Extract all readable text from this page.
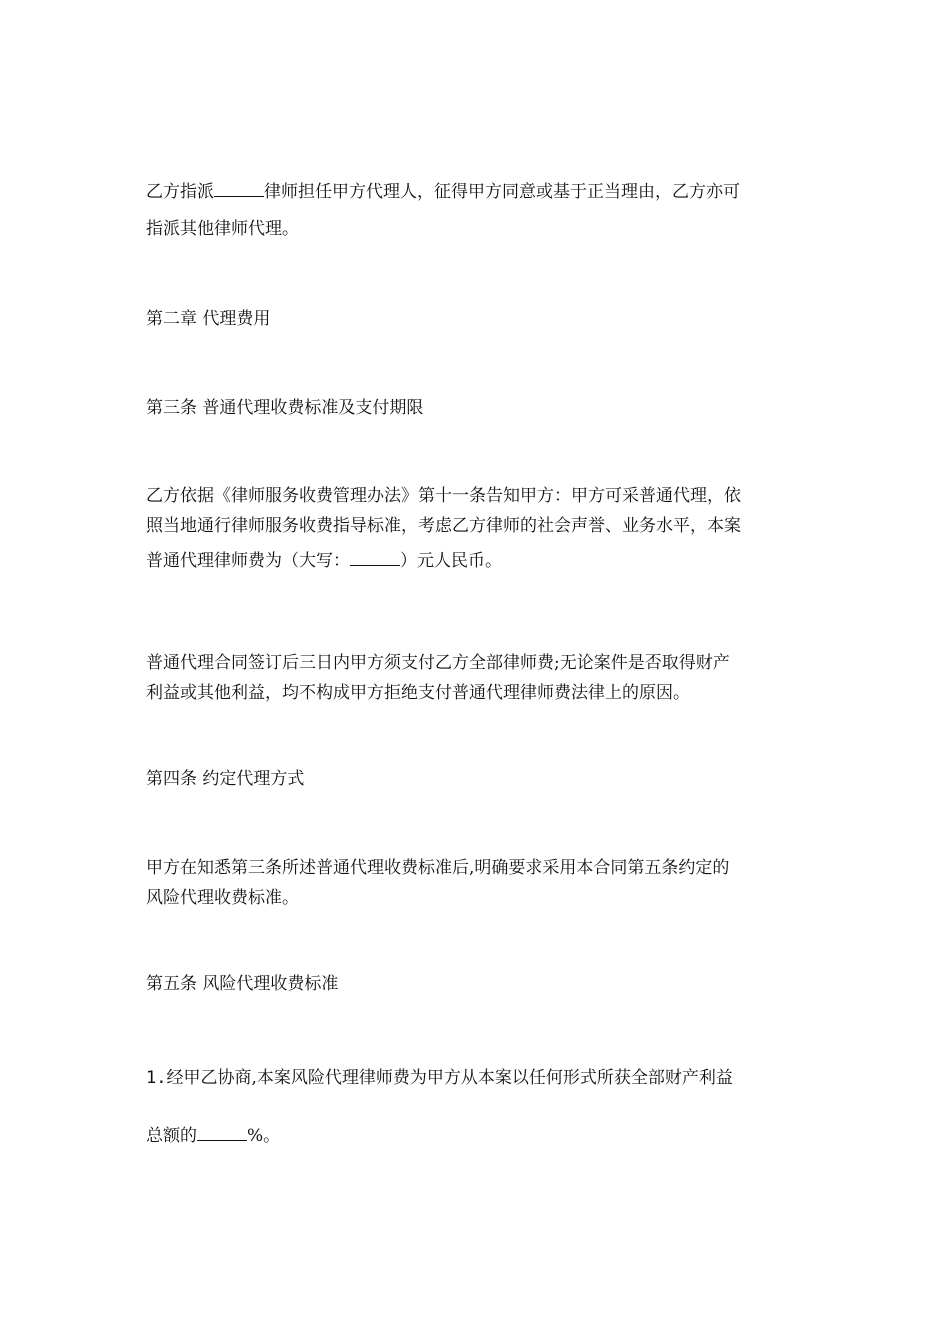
乙方指派	律师担任甲方代理人，征得甲方同意或基于正当理由，乙方亦可

指派其他律师代理。

第二章 代理费用

第三条 普通代理收费标准及支付期限

乙方依据《律师服务收费管理办法》第十一条告知甲方：甲方可采普通代理，依

照当地通行律师服务收费指导标准，考虑乙方律师的社会声誉、业务水平，本案

普通代理律师费为（大写：	）元人民币。

普通代理合同签订后三日内甲方须支付乙方全部律师费;无论案件是否取得财产

利益或其他利益，均不构成甲方拒绝支付普通代理律师费法律上的原因。

第四条 约定代理方式

甲方在知悉第三条所述普通代理收费标准后,明确要求采用本合同第五条约定的

风险代理收费标准。

第五条 风险代理收费标准

1.经甲乙协商,本案风险代理律师费为甲方从本案以任何形式所获全部财产利益

总额的	%。
